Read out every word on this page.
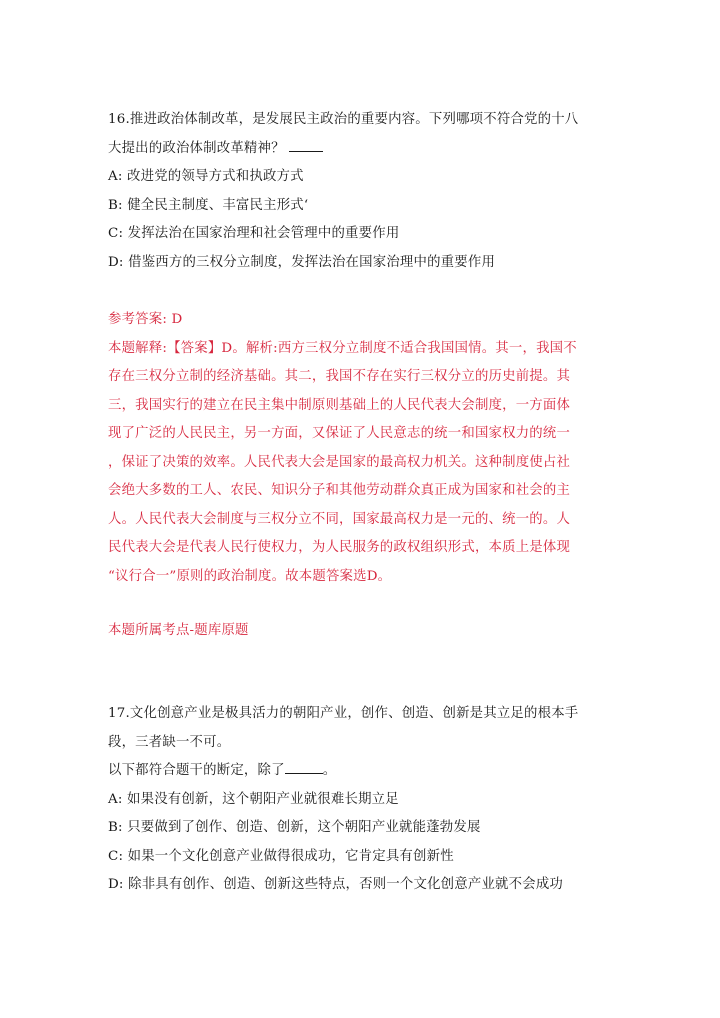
16.推进政治体制改革，是发展民主政治的重要内容。下列哪项不符合党的十八
大提出的政治体制改革精神？
A: 改进党的领导方式和执政方式
B: 健全民主制度、丰富民主形式‘
C: 发挥法治在国家治理和社会管理中的重要作用
D: 借鉴西方的三权分立制度，发挥法治在国家治理中的重要作用
参考答案: D
本题解释:【答案】D。解析:西方三权分立制度不适合我国国情。其一，我国不
存在三权分立制的经济基础。其二，我国不存在实行三权分立的历史前提。其
三，我国实行的建立在民主集中制原则基础上的人民代表大会制度，一方面体
现了广泛的人民民主，另一方面，又保证了人民意志的统一和国家权力的统一
，保证了决策的效率。人民代表大会是国家的最高权力机关。这种制度使占社
会绝大多数的工人、农民、知识分子和其他劳动群众真正成为国家和社会的主
人。人民代表大会制度与三权分立不同，国家最高权力是一元的、统一的。人
民代表大会是代表人民行使权力，为人民服务的政权组织形式，本质上是体现
“议行合一”原则的政治制度。故本题答案选D。
本题所属考点-题库原题
17.文化创意产业是极具活力的朝阳产业，创作、创造、创新是其立足的根本手
段，三者缺一不可。
以下都符合题干的断定，除了	。
A: 如果没有创新，这个朝阳产业就很难长期立足
B: 只要做到了创作、创造、创新，这个朝阳产业就能蓬勃发展
C: 如果一个文化创意产业做得很成功，它肯定具有创新性
D: 除非具有创作、创造、创新这些特点，否则一个文化创意产业就不会成功
